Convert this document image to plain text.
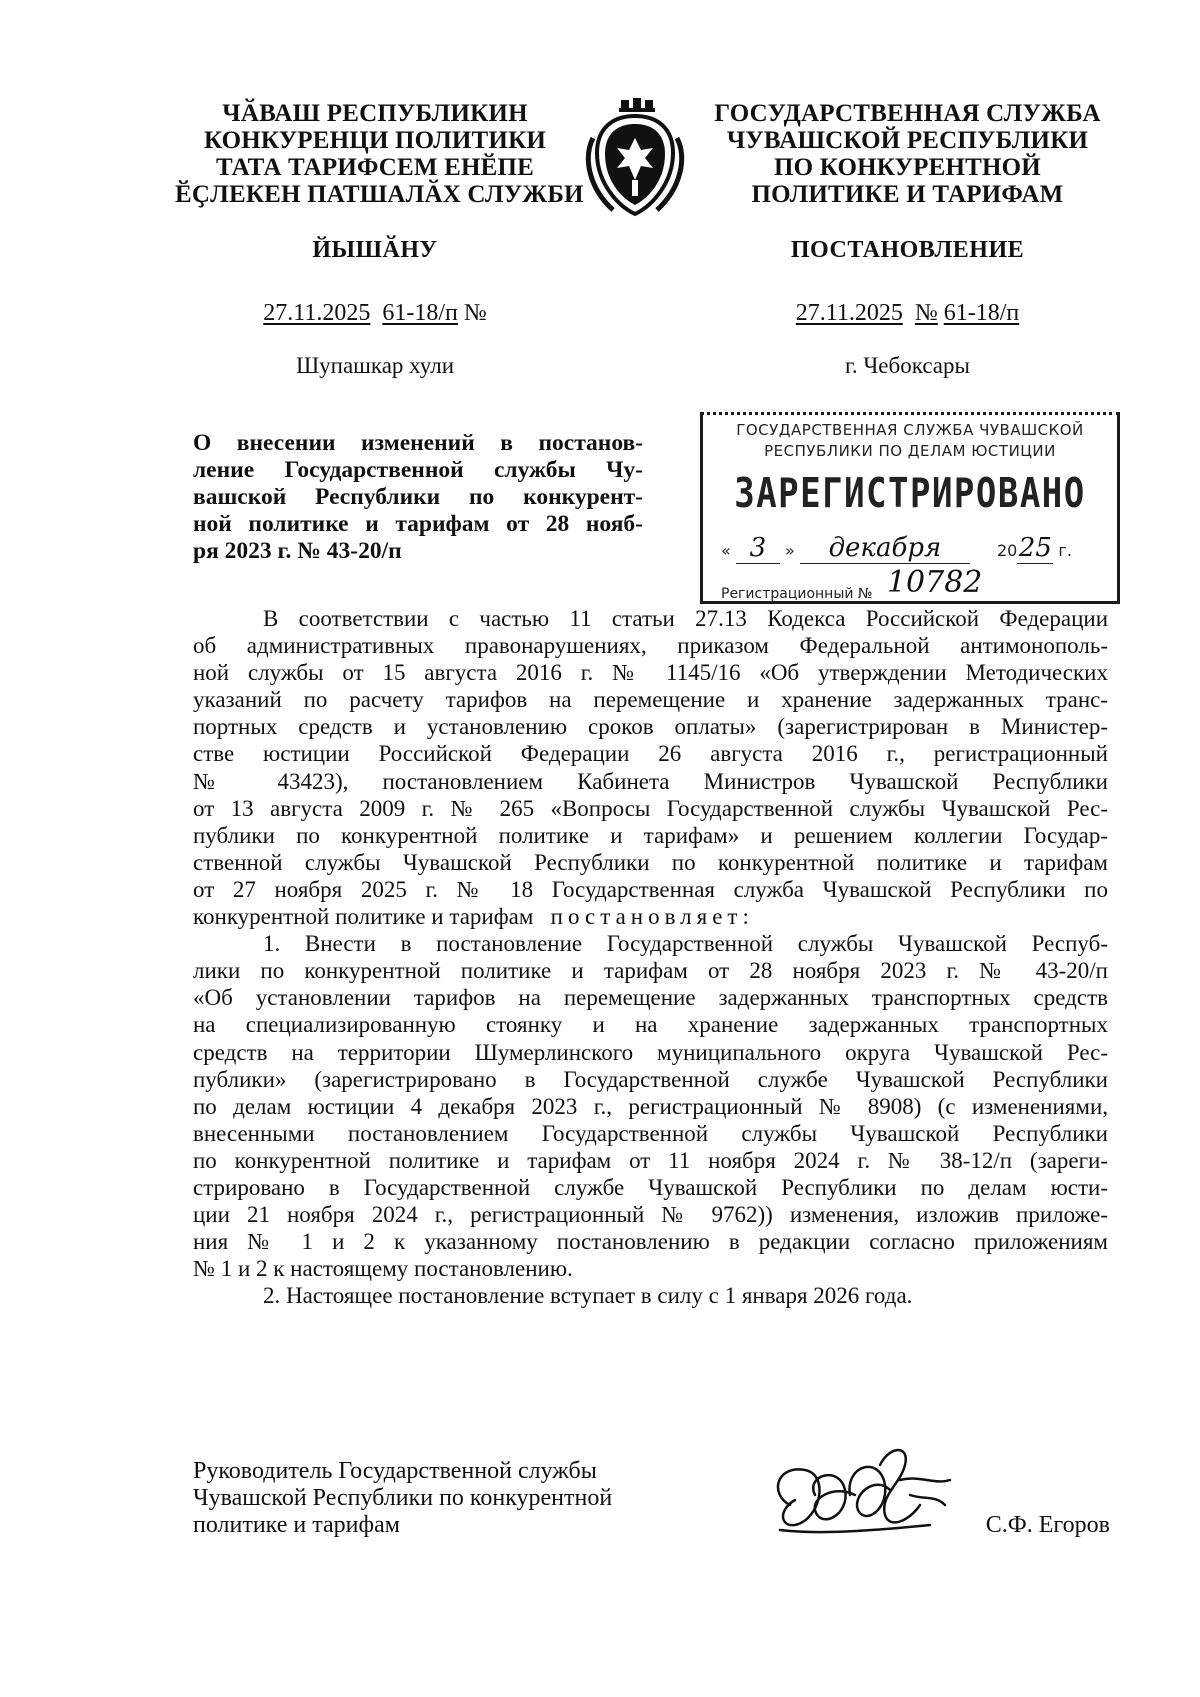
ЧӐВАШ РЕСПУБЛИКИН
КОНКУРЕНЦИ ПОЛИТИКИ
ТАТА ТАРИФСЕМ ЕНӖПЕ
ӖҪЛЕКЕН ПАТШАЛӐХ СЛУЖБИ
ГОСУДАРСТВЕННАЯ СЛУЖБА
ЧУВАШСКОЙ РЕСПУБЛИКИ
ПО КОНКУРЕНТНОЙ
ПОЛИТИКЕ И ТАРИФАМ
ЙЫШӐНУ	ПОСТАНОВЛЕНИЕ
27.11.2025 61-18/п №	27.11.2025 № 61-18/п
Шупашкар хули	г. Чебоксары
О внесении изменений в постанов-
ление Государственной службы Чу-
вашской Республики по конкурент-
ной политике и тарифам от 28 нояб-
ря 2023 г. № 43-20/п
ГОСУДАРСТВЕННАЯ СЛУЖБА ЧУВАШСКОЙ
РЕСПУБЛИКИ ПО ДЕЛАМ ЮСТИЦИИ
ЗАРЕГИСТРИРОВАНО
« 3 » декабря	2025 г.
Регистрационный № 10782
В соответствии с частью 11 статьи 27.13 Кодекса Российской Федерации
об административных правонарушениях, приказом Федеральной антимонополь-
ной службы от 15 августа 2016 г. № 1145/16 «Об утверждении Методических
указаний по расчету тарифов на перемещение и хранение задержанных транс-
портных средств и установлению сроков оплаты» (зарегистрирован в Министер-
стве юстиции Российской Федерации 26 августа 2016 г., регистрационный
№ 43423), постановлением Кабинета Министров Чувашской Республики
от 13 августа 2009 г. № 265 «Вопросы Государственной службы Чувашской Рес-
публики по конкурентной политике и тарифам» и решением коллегии Государ-
ственной службы Чувашской Республики по конкурентной политике и тарифам
от 27 ноября 2025 г. № 18 Государственная служба Чувашской Республики по
конкурентной политике и тарифам постановляет:
1. Внести в постановление Государственной службы Чувашской Респуб-
лики по конкурентной политике и тарифам от 28 ноября 2023 г. № 43-20/п
«Об установлении тарифов на перемещение задержанных транспортных средств
на специализированную стоянку и на хранение задержанных транспортных
средств на территории Шумерлинского муниципального округа Чувашской Рес-
публики» (зарегистрировано в Государственной службе Чувашской Республики
по делам юстиции 4 декабря 2023 г., регистрационный № 8908) (с изменениями,
внесенными постановлением Государственной службы Чувашской Республики
по конкурентной политике и тарифам от 11 ноября 2024 г. № 38-12/п (зареги-
стрировано в Государственной службе Чувашской Республики по делам юсти-
ции 21 ноября 2024 г., регистрационный № 9762)) изменения, изложив приложе-
ния № 1 и 2 к указанному постановлению в редакции согласно приложениям
№ 1 и 2 к настоящему постановлению.
2. Настоящее постановление вступает в силу с 1 января 2026 года.
Руководитель Государственной службы
Чувашской Республики по конкурентной
политике и тарифам	С.Ф. Егоров
